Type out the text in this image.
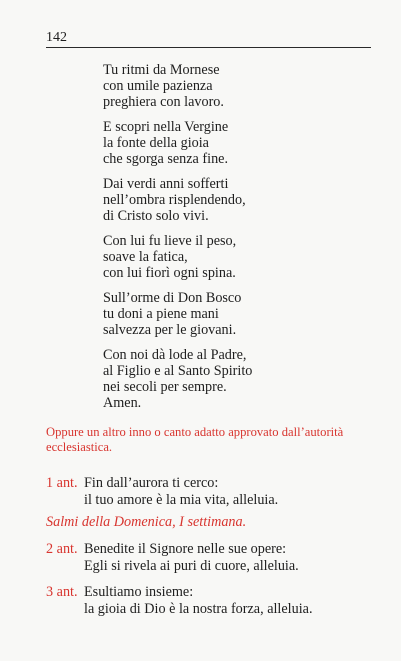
142
Tu ritmi da Mornese
con umile pazienza
preghiera con lavoro.
E scopri nella Vergine
la fonte della gioia
che sgorga senza fine.
Dai verdi anni sofferti
nell’ombra risplendendo,
di Cristo solo vivi.
Con lui fu lieve il peso,
soave la fatica,
con lui fiorì ogni spina.
Sull’orme di Don Bosco
tu doni a piene mani
salvezza per le giovani.
Con noi dà lode al Padre,
al Figlio e al Santo Spirito
nei secoli per sempre.
Amen.
Oppure un altro inno o canto adatto approvato dall’autorità ecclesiastica.
1 ant. Fin dall’aurora ti cerco:
il tuo amore è la mia vita, alleluia.
Salmi della Domenica, I settimana.
2 ant. Benedite il Signore nelle sue opere:
Egli si rivela ai puri di cuore, alleluia.
3 ant. Esultiamo insieme:
la gioia di Dio è la nostra forza, alleluia.
